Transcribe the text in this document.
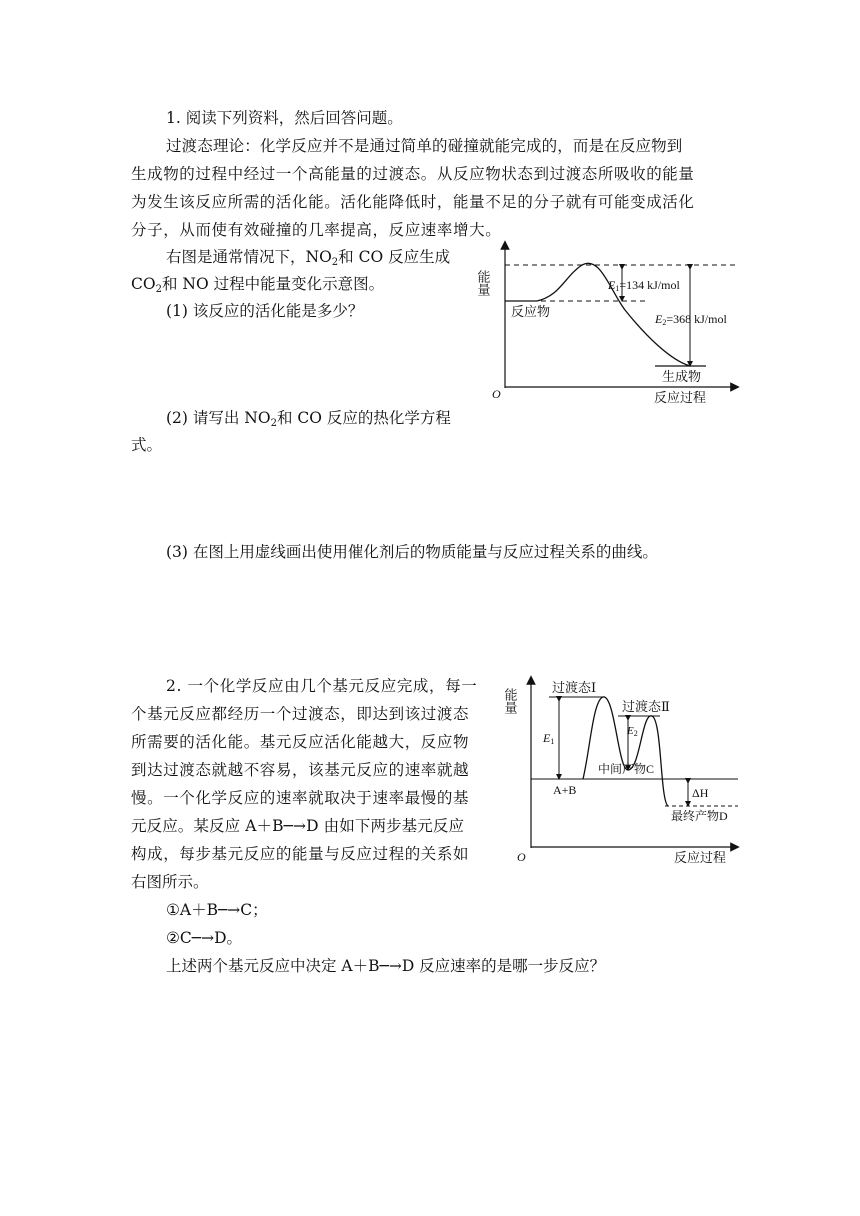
1. 阅读下列资料，然后回答问题。
过渡态理论：化学反应并不是通过简单的碰撞就能完成的，而是在反应物到
生成物的过程中经过一个高能量的过渡态。从反应物状态到过渡态所吸收的能量
为发生该反应所需的活化能。活化能降低时，能量不足的分子就有可能变成活化
分子，从而使有效碰撞的几率提高，反应速率增大。
右图是通常情况下，$NO_2$和 CO 反应生成
$CO_2$和 NO 过程中能量变化示意图。
(1) 该反应的活化能是多少？
(2) 请写出 $NO_2$和 CO 反应的热化学方程
式。
(3) 在图上用虚线画出使用催化剂后的物质能量与反应过程关系的曲线。
能量
O	反应过程
E1=134 kJ/mol
E2=368 kJ/mol
反应物
生成物
2. 一个化学反应由几个基元反应完成，每一
个基元反应都经历一个过渡态，即达到该过渡态
所需要的活化能。基元反应活化能越大，反应物
到达过渡态就越不容易，该基元反应的速率就越
慢。一个化学反应的速率就取决于速率最慢的基
元反应。某反应 A＋B─→D 由如下两步基元反应
构成，每步基元反应的能量与反应过程的关系如
右图所示。
①A＋B─→C；
②C─→D。
上述两个基元反应中决定 A＋B─→D 反应速率的是哪一步反应？
能量
O	反应过程
E1
E2
ΔH
过渡态Ⅰ
过渡态Ⅱ
中间产物C
A+B
最终产物D
